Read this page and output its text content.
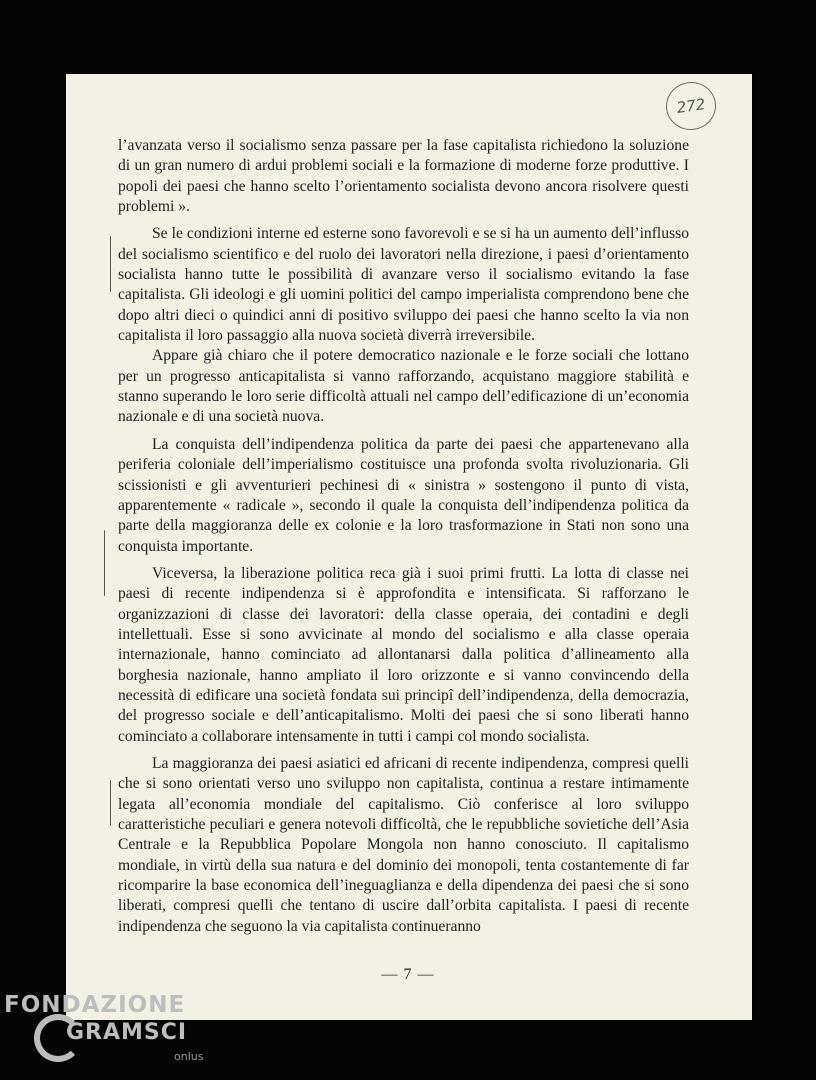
272

l’avanzata verso il socialismo senza passare per la fase capitalista richiedono la soluzione di un gran numero di ardui problemi sociali e la formazione di moderne forze produttive. I popoli dei paesi che hanno scelto l’orientamento socialista devono ancora risolvere questi problemi ».

Se le condizioni interne ed esterne sono favorevoli e se si ha un aumento dell’influsso del socialismo scientifico e del ruolo dei lavoratori nella direzione, i paesi d’orientamento socialista hanno tutte le possibilità di avanzare verso il socialismo evitando la fase capitalista. Gli ideologi e gli uomini politici del campo imperialista comprendono bene che dopo altri dieci o quindici anni di positivo sviluppo dei paesi che hanno scelto la via non capitalista il loro passaggio alla nuova società diverrà irreversibile.

Appare già chiaro che il potere democratico nazionale e le forze sociali che lottano per un progresso anticapitalista si vanno rafforzando, acquistano maggiore stabilità e stanno superando le loro serie difficoltà attuali nel campo dell’edificazione di un’economia nazionale e di una società nuova.

La conquista dell’indipendenza politica da parte dei paesi che appartenevano alla periferia coloniale dell’imperialismo costituisce una profonda svolta rivoluzionaria. Gli scissionisti e gli avventurieri pechinesi di « sinistra » sostengono il punto di vista, apparentemente « radicale », secondo il quale la conquista dell’indipendenza politica da parte della maggioranza delle ex colonie e la loro trasformazione in Stati non sono una conquista importante.

Viceversa, la liberazione politica reca già i suoi primi frutti. La lotta di classe nei paesi di recente indipendenza si è approfondita e intensificata. Si rafforzano le organizzazioni di classe dei lavoratori: della classe operaia, dei contadini e degli intellettuali. Esse si sono avvicinate al mondo del socialismo e alla classe operaia internazionale, hanno cominciato ad allontanarsi dalla politica d’allineamento alla borghesia nazionale, hanno ampliato il loro orizzonte e si vanno convincendo della necessità di edificare una società fondata sui principî dell’indipendenza, della democrazia, del progresso sociale e dell’anticapitalismo. Molti dei paesi che si sono liberati hanno cominciato a collaborare intensamente in tutti i campi col mondo socialista.

La maggioranza dei paesi asiatici ed africani di recente indipendenza, compresi quelli che si sono orientati verso uno sviluppo non capitalista, continua a restare intimamente legata all’economia mondiale del capitalismo. Ciò conferisce al loro sviluppo caratteristiche peculiari e genera notevoli difficoltà, che le repubbliche sovietiche dell’Asia Centrale e la Repubblica Popolare Mongola non hanno conosciuto. Il capitalismo mondiale, in virtù della sua natura e del dominio dei monopoli, tenta costantemente di far ricomparire la base economica dell’ineguaglianza e della dipendenza dei paesi che si sono liberati, compresi quelli che tentano di uscire dall’orbita capitalista. I paesi di recente indipendenza che seguono la via capitalista continueranno

— 7 —
FONDAZIONE
GRAMSCI
onlus
